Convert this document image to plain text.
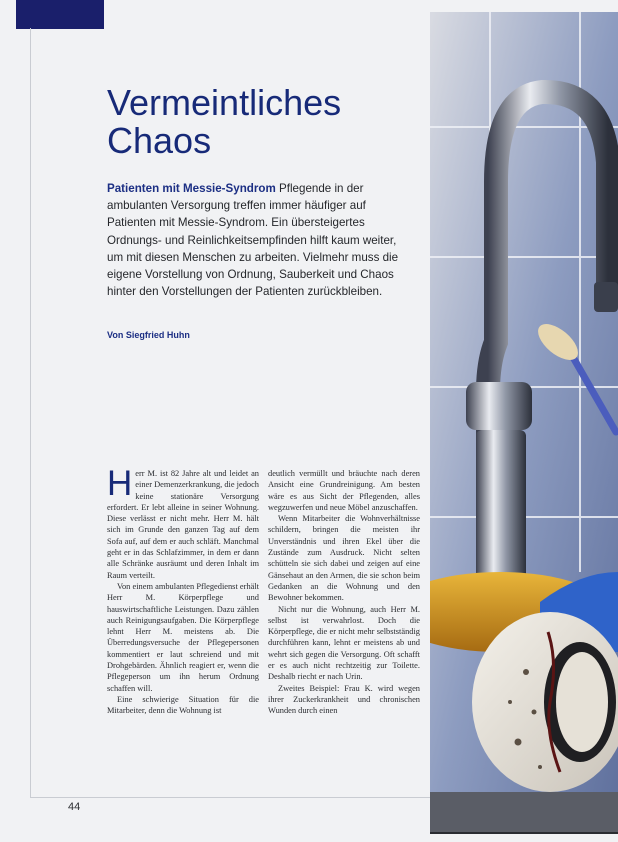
Vermeintliches
Chaos

Patienten mit Messie-Syndrom Pflegende in der ambulanten Versorgung treffen immer häufiger auf Patienten mit Messie-Syndrom. Ein übersteigertes Ordnungs- und Reinlichkeitsempfinden hilft kaum weiter, um mit diesen Menschen zu arbeiten. Vielmehr muss die eigene Vorstellung von Ordnung, Sauberkeit und Chaos hinter den Vorstellungen der Patienten zurückbleiben.

Von Siegfried Huhn

Herr M. ist 82 Jahre alt und leidet an einer Demenzerkrankung, die jedoch keine stationäre Versorgung erfordert. Er lebt alleine in seiner Wohnung. Diese verlässt er nicht mehr. Herr M. hält sich im Grunde den ganzen Tag auf dem Sofa auf, auf dem er auch schläft. Manchmal geht er in das Schlafzimmer, in dem er dann alle Schränke ausräumt und deren Inhalt im Raum verteilt.

Von einem ambulanten Pflegedienst erhält Herr M. Körperpflege und hauswirtschaftliche Leistungen. Dazu zählen auch Reinigungsaufgaben. Die Körperpflege lehnt Herr M. meistens ab. Die Überredungsversuche der Pflegepersonen kommentiert er laut schreiend und mit Drohgebärden. Ähnlich reagiert er, wenn die Pflegeperson um ihn herum Ordnung schaffen will.

Eine schwierige Situation für die Mitarbeiter, denn die Wohnung ist

deutlich vermüllt und bräuchte nach deren Ansicht eine Grundreinigung. Am besten wäre es aus Sicht der Pflegenden, alles wegzuwerfen und neue Möbel anzuschaffen.

Wenn Mitarbeiter die Wohnverhältnisse schildern, bringen die meisten ihr Unverständnis und ihren Ekel über die Zustände zum Ausdruck. Nicht selten schütteln sie sich dabei und zeigen auf eine Gänsehaut an den Armen, die sie schon beim Gedanken an die Wohnung und den Bewohner bekommen.

Nicht nur die Wohnung, auch Herr M. selbst ist verwahrlost. Doch die Körperpflege, die er nicht mehr selbstständig durchführen kann, lehnt er meistens ab und wehrt sich gegen die Versorgung. Oft schafft er es auch nicht rechtzeitig zur Toilette. Deshalb riecht er nach Urin.

Zweites Beispiel: Frau K. wird wegen ihrer Zuckerkrankheit und chronischen Wunden durch einen

44
